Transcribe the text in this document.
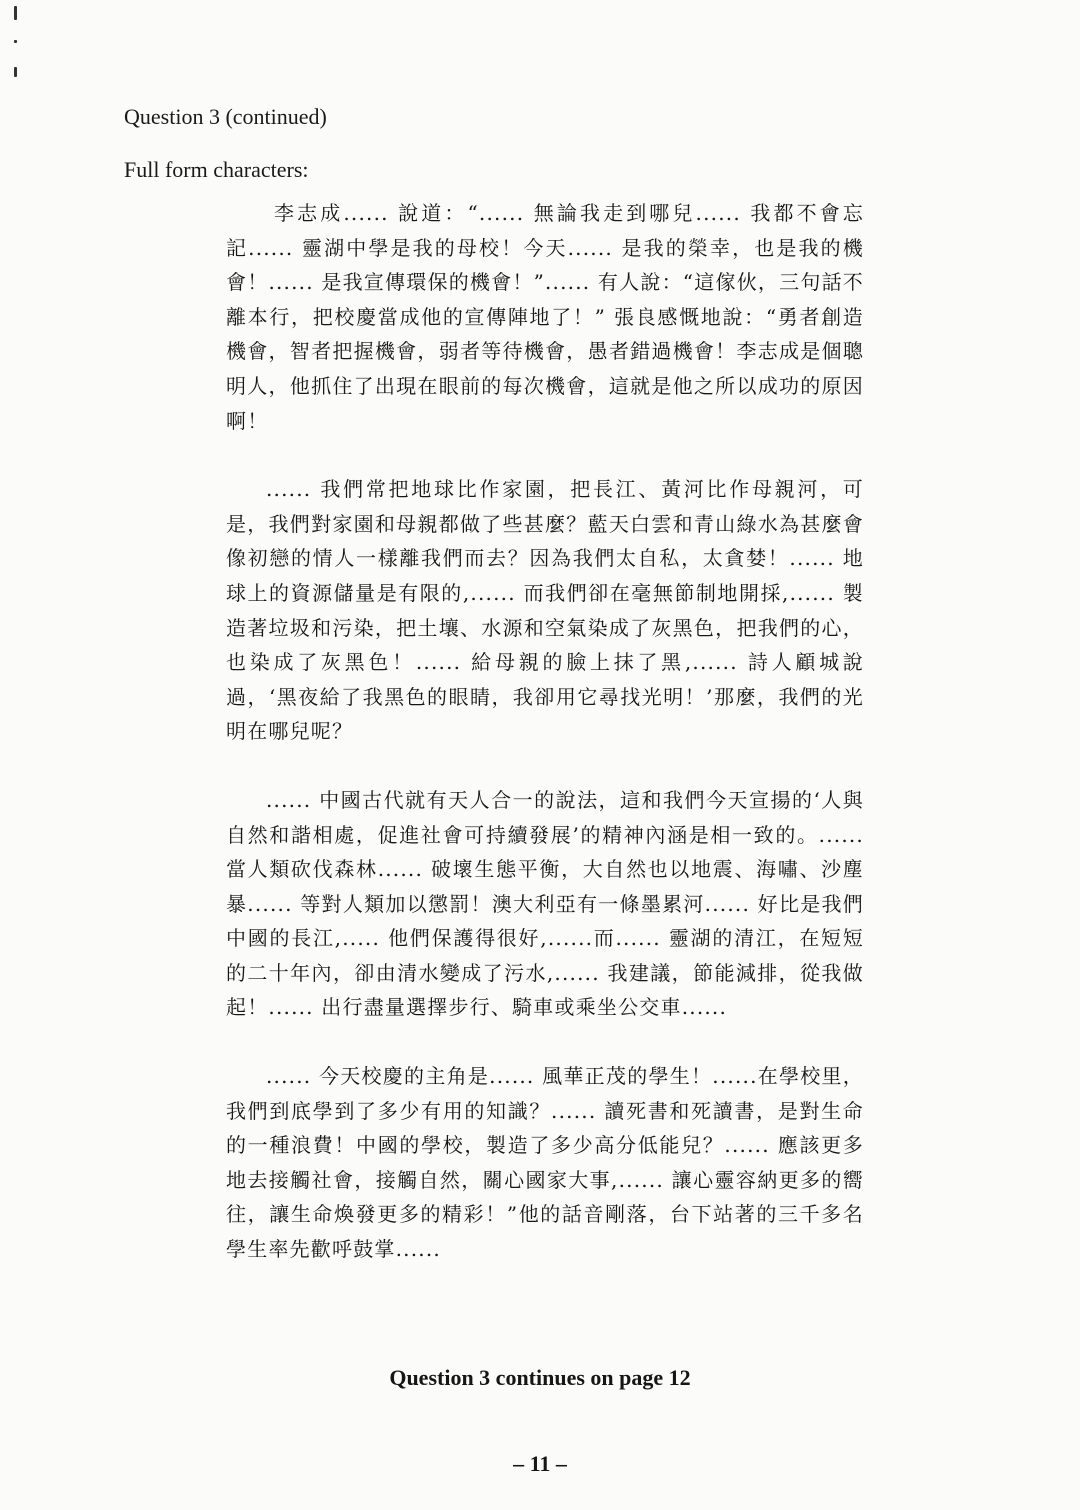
Question 3 (continued)
Full form characters:

李志成...... 說道：“...... 無論我走到哪兒...... 我都不會忘記...... 靈湖中學是我的母校！今天...... 是我的榮幸，也是我的機會！...... 是我宣傳環保的機會！”...... 有人說：“這傢伙，三句話不離本行，把校慶當成他的宣傳陣地了！” 張良感慨地說：“勇者創造機會，智者把握機會，弱者等待機會，愚者錯過機會！李志成是個聰明人，他抓住了出現在眼前的每次機會，這就是他之所以成功的原因啊！

...... 我們常把地球比作家園，把長江、黃河比作母親河，可是，我們對家園和母親都做了些甚麼？藍天白雲和青山綠水為甚麼會像初戀的情人一樣離我們而去？因為我們太自私，太貪婪！...... 地球上的資源儲量是有限的,...... 而我們卻在毫無節制地開採,...... 製造著垃圾和污染，把土壤、水源和空氣染成了灰黑色，把我們的心，也染成了灰黑色！...... 給母親的臉上抹了黑,...... 詩人顧城說過，‘黑夜給了我黑色的眼睛，我卻用它尋找光明！’那麼，我們的光明在哪兒呢？

...... 中國古代就有天人合一的說法，這和我們今天宣揚的‘人與自然和諧相處，促進社會可持續發展’的精神內涵是相一致的。...... 當人類砍伐森林...... 破壞生態平衡，大自然也以地震、海嘯、沙塵暴...... 等對人類加以懲罰！澳大利亞有一條墨累河...... 好比是我們中國的長江,..... 他們保護得很好,......而...... 靈湖的清江，在短短的二十年內，卻由清水變成了污水,...... 我建議，節能減排，從我做起！...... 出行盡量選擇步行、騎車或乘坐公交車......

...... 今天校慶的主角是...... 風華正茂的學生！......在學校里，我們到底學到了多少有用的知識？...... 讀死書和死讀書，是對生命的一種浪費！中國的學校，製造了多少高分低能兒？...... 應該更多地去接觸社會，接觸自然，關心國家大事,...... 讓心靈容納更多的嚮往，讓生命煥發更多的精彩！”他的話音剛落，台下站著的三千多名學生率先歡呼鼓掌......

Question 3 continues on page 12
– 11 –
